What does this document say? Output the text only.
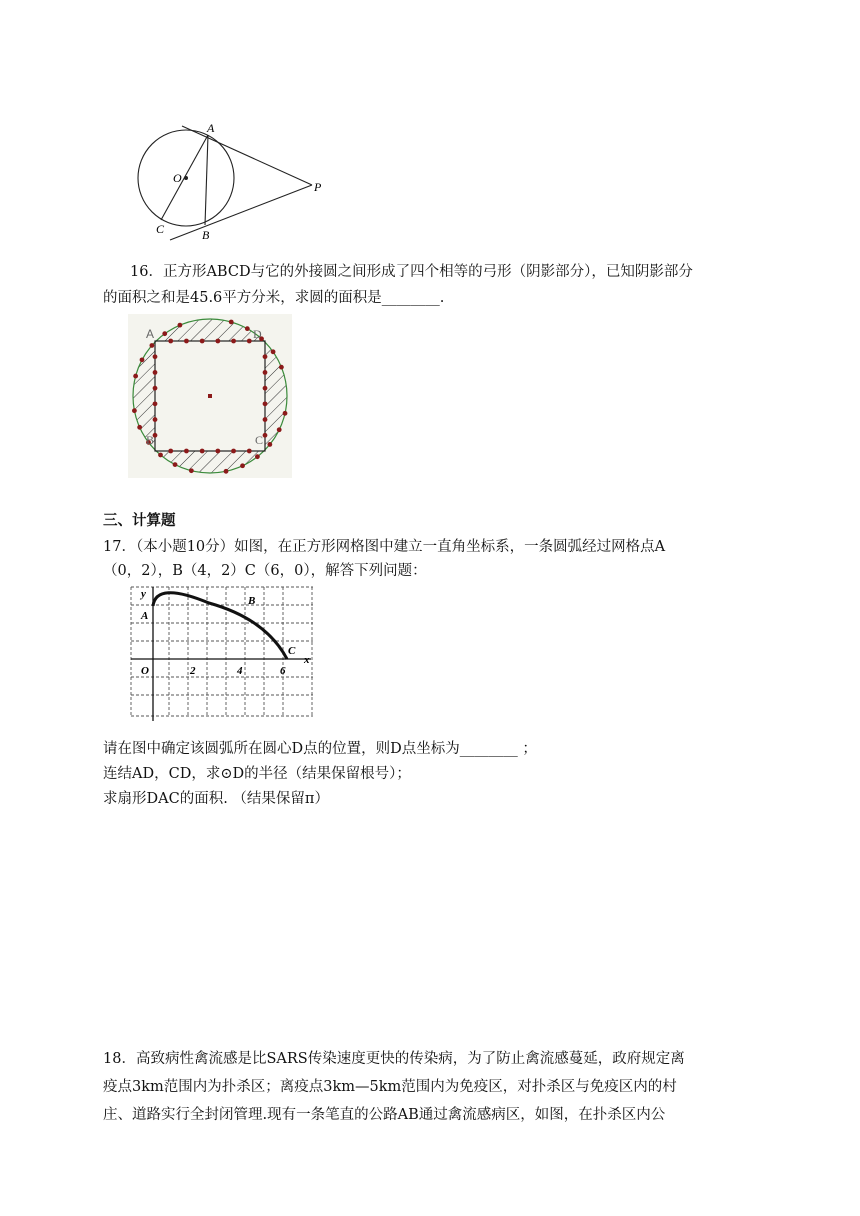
A
O
P
B
C
16．正方形ABCD与它的外接圆之间形成了四个相等的弓形（阴影部分），已知阴影部分
的面积之和是45.6平方分米，求圆的面积是________.
A	D
B	C
三、计算题
17．（本小题10分）如图，在正方形网格图中建立一直角坐标系，一条圆弧经过网格点A
（0，2），B（4，2）C（6，0），解答下列问题：
y
A
B
C
O	2	4	6
x
请在图中确定该圆弧所在圆心D点的位置，则D点坐标为________ ；
连结AD，CD，求⊙D的半径（结果保留根号）；
求扇形DAC的面积. （结果保留π）
18．高致病性禽流感是比SARS传染速度更快的传染病，为了防止禽流感蔓延，政府规定离
疫点3km范围内为扑杀区；离疫点3km—5km范围内为免疫区，对扑杀区与免疫区内的村
庄、道路实行全封闭管理.现有一条笔直的公路AB通过禽流感病区，如图，在扑杀区内公
